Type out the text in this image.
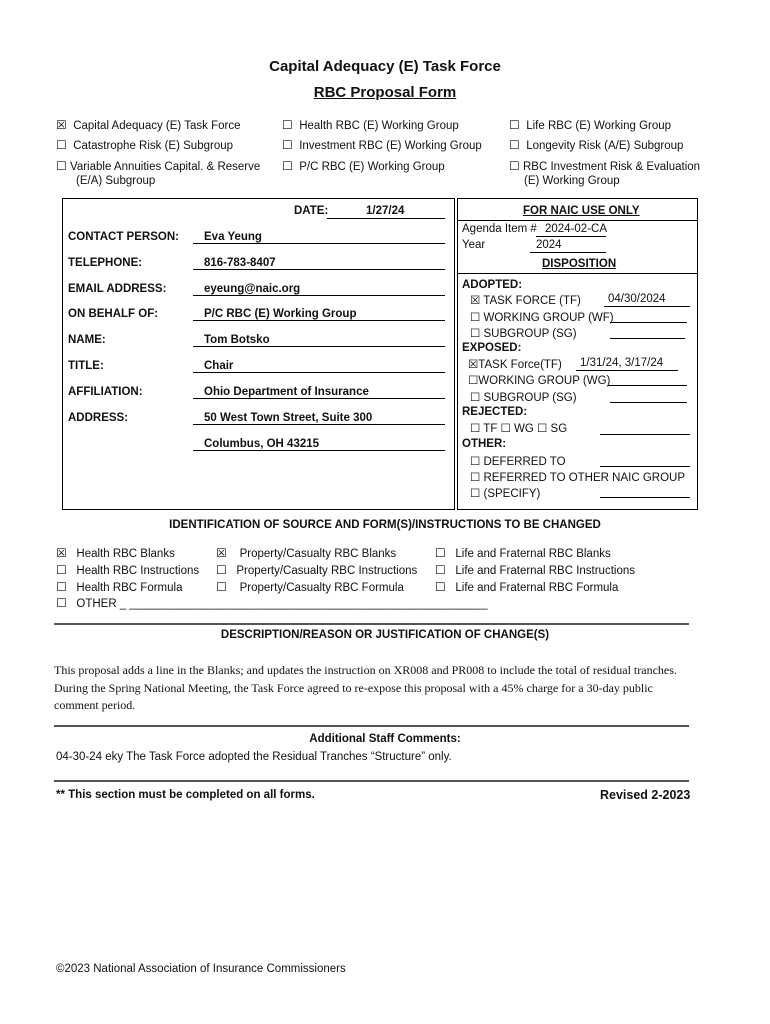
Capital Adequacy (E) Task Force
RBC Proposal Form
☒ Capital Adequacy (E) Task Force	☐ Health RBC (E) Working Group	☐ Life RBC (E) Working Group
☐ Catastrophe Risk (E) Subgroup	☐ Investment RBC (E) Working Group ☐ Longevity Risk (A/E) Subgroup
☐ Variable Annuities Capital. & Reserve
(E/A) Subgroup
☐ P/C RBC (E) Working Group	☐ RBC Investment Risk & Evaluation
(E) Working Group
DATE:	1/27/24
CONTACT PERSON: Eva Yeung
TELEPHONE:	816-783-8407
EMAIL ADDRESS:	eyeung@naic.org
ON BEHALF OF:	P/C RBC (E) Working Group
NAME:	Tom Botsko
TITLE:	Chair
AFFILIATION:	Ohio Department of Insurance
ADDRESS:	50 West Town Street, Suite 300
Columbus, OH 43215
FOR NAIC USE ONLY
Agenda Item # 2024-02-CA
Year	2024
DISPOSITION
ADOPTED:
☒ TASK FORCE (TF) 04/30/2024
☐ WORKING GROUP (WF)
☐ SUBGROUP (SG)
EXPOSED:
☒TASK Force(TF) 1/31/24, 3/17/24
☐WORKING GROUP (WG)
☐ SUBGROUP (SG)
REJECTED:
☐ TF ☐ WG ☐ SG
OTHER:
☐ DEFERRED TO
☐ REFERRED TO OTHER NAIC GROUP
☐ (SPECIFY)
IDENTIFICATION OF SOURCE AND FORM(S)/INSTRUCTIONS TO BE CHANGED
☒ Health RBC Blanks	☒ Property/Casualty RBC Blanks	☐ Life and Fraternal RBC Blanks
☐ Health RBC Instructions ☐ Property/Casualty RBC Instructions ☐ Life and Fraternal RBC Instructions
☐ Health RBC Formula	☐ Property/Casualty RBC Formula	☐ Life and Fraternal RBC Formula
☐ OTHER _ ________________________________________________________
DESCRIPTION/REASON OR JUSTIFICATION OF CHANGE(S)
This proposal adds a line in the Blanks; and updates the instruction on XR008 and PR008 to include the total of residual tranches.
During the Spring National Meeting, the Task Force agreed to re-expose this proposal with a 45% charge for a 30-day public
comment period.
Additional Staff Comments:
04-30-24 eky The Task Force adopted the Residual Tranches “Structure” only.
** This section must be completed on all forms.	Revised 2-2023
©2023 National Association of Insurance Commissioners
